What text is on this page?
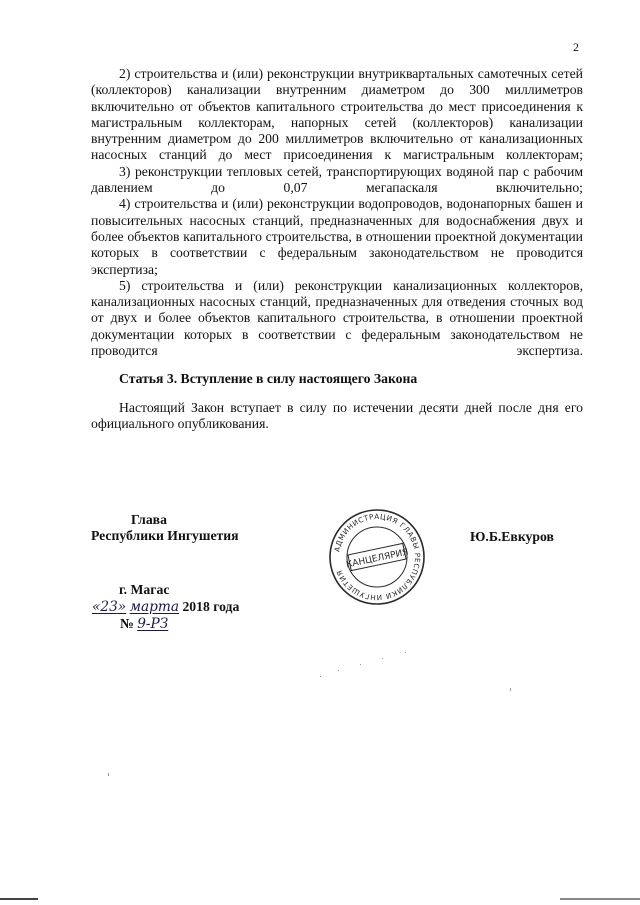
2

2) строительства и (или) реконструкции внутриквартальных самотечных сетей (коллекторов) канализации внутренним диаметром до 300 миллиметров включительно от объектов капитального строительства до мест присоединения к магистральным коллекторам, напорных сетей (коллекторов) канализации внутренним диаметром до 200 миллиметров включительно от канализационных насосных станций до мест присоединения к магистральным коллекторам;

3) реконструкции тепловых сетей, транспортирующих водяной пар с рабочим давлением до 0,07 мегапаскаля включительно;

4) строительства и (или) реконструкции водопроводов, водонапорных башен и повысительных насосных станций, предназначенных для водоснабжения двух и более объектов капитального строительства, в отношении проектной документации которых в соответствии с федеральным законодательством не проводится экспертиза;

5) строительства и (или) реконструкции канализационных коллекторов, канализационных насосных станций, предназначенных для отведения сточных вод от двух и более объектов капитального строительства, в отношении проектной документации которых в соответствии с федеральным законодательством не проводится экспертиза.

Статья 3. Вступление в силу настоящего Закона

Настоящий Закон вступает в силу по истечении десяти дней после дня его официального опубликования.

Глава
Республики Ингушетия
АДМИНИСТРАЦИЯ ГЛАВЫ РЕСПУБЛИКИ ИНГУШЕТИЯ
КАНЦЕЛЯРИЯ
Ю.Б.Евкуров
г. Магас
«23» марта 2018 года
№ 9-РЗ
